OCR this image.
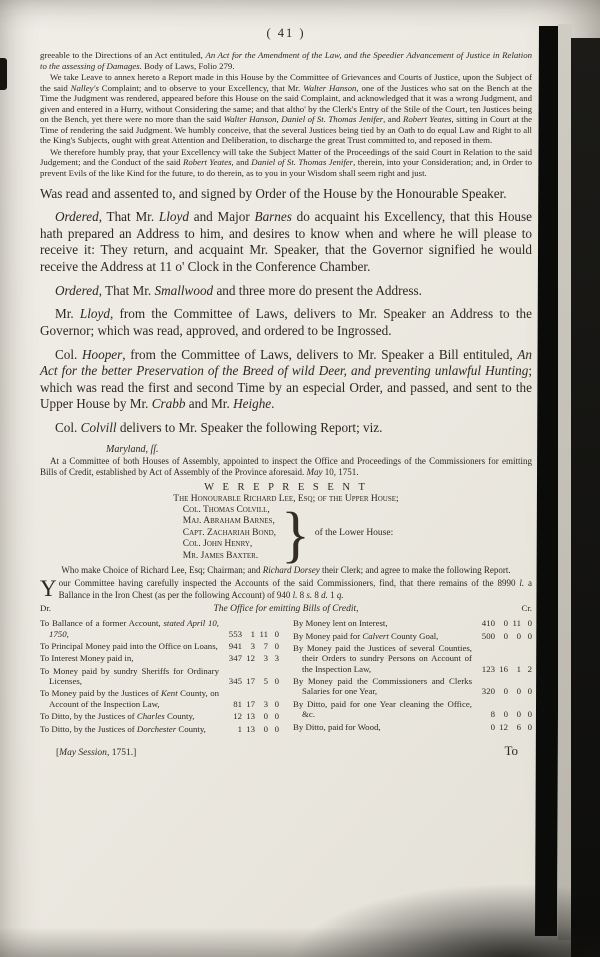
( 41 )

greeable to the Directions of an Act entituled, An Act for the Amendment of the Law, and the Speedier Advancement of Justice in Relation to the assessing of Damages. Body of Laws, Folio 279.

We take Leave to annex hereto a Report made in this House by the Committee of Grievances and Courts of Justice, upon the Subject of the said Nalley's Complaint; and to observe to your Excellency, that Mr. Walter Hanson, one of the Justices who sat on the Bench at the Time the Judgment was rendered, appeared before this House on the said Complaint, and acknowledged that it was a wrong Judgment, and given and entered in a Hurry, without Considering the same; and that altho' by the Clerk's Entry of the Stile of the Court, ten Justices being on the Bench, yet there were no more than the said Walter Hanson, Daniel of St. Thomas Jenifer, and Robert Yeates, sitting in Court at the Time of rendering the said Judgment. We humbly conceive, that the several Justices being tied by an Oath to do equal Law and Right to all the King's Subjects, ought with great Attention and Deliberation, to discharge the great Trust committed to, and reposed in them.

We therefore humbly pray, that your Excellency will take the Subject Matter of the Proceedings of the said Court in Relation to the said Judgement; and the Conduct of the said Robert Yeates, and Daniel of St. Thomas Jenifer, therein, into your Consideration; and, in Order to prevent Evils of the like Kind for the future, to do therein, as to you in your Wisdom shall seem right and just.

Was read and assented to, and signed by Order of the House by the Honourable Speaker.

Ordered, That Mr. Lloyd and Major Barnes do acquaint his Excellency, that this House hath prepared an Address to him, and desires to know when and where he will please to receive it: They return, and acquaint Mr. Speaker, that the Governor signified he would receive the Address at 11 o' Clock in the Conference Chamber.

Ordered, That Mr. Smallwood and three more do present the Address.

Mr. Lloyd, from the Committee of Laws, delivers to Mr. Speaker an Address to the Governor; which was read, approved, and ordered to be Ingrossed.

Col. Hooper, from the Committee of Laws, delivers to Mr. Speaker a Bill entituled, An Act for the better Preservation of the Breed of wild Deer, and preventing unlawful Hunting; which was read the first and second Time by an especial Order, and passed, and sent to the Upper House by Mr. Crabb and Mr. Heighe.

Col. Colvill delivers to Mr. Speaker the following Report; viz.

Maryland, ſſ.
At a Committee of both Houses of Assembly, appointed to inspect the Office and Proceedings of the Commissioners for emitting Bills of Credit, established by Act of Assembly of the Province aforesaid. May 10, 1751.
W E R E P R E S E N T
The Honourable Richard Lee, Esq; of the Upper House;
Col. Thomas Colvill,
Maj. Abraham Barnes,
Capt. Zachariah Bond,
Col. John Henry,
Mr. James Baxter. } of the Lower House:
Who make Choice of Richard Lee, Esq; Chairman; and Richard Dorsey their Clerk; and agree to make the following Report.
Your Committee having carefully inspected the Accounts of the said Commissioners, find, that there remains of the 8990 l. a Ballance in the Iron Chest (as per the following Account) of 940 l. 8 s. 8 d. 1 q.
Dr.	The Office for emitting Bills of Credit,	Cr.
To Ballance of a former Account, stated April 10, 1750,	553 1 11 0
To Principal Money paid into the Office on Loans,	941 3 7 0
To Interest Money paid in,	347 12 3 3
To Money paid by sundry Sheriffs for Ordinary Licenses,	345 17 5 0
To Money paid by the Justices of Kent County, on Account of the Inspection Law,	81 17 3 0
To Ditto, by the Justices of Charles County,	12 13 0 0
To Ditto, by the Justices of Dorchester County,	1 13 0 0
By Money lent on Interest,	410 0 11 0
By Money paid for Calvert County Goal,	500 0 0 0
By Money paid the Justices of several Counties, their Orders to sundry Persons on Account of the Inspection Law,	123 16 1 2
By Money paid the Commissioners and Clerks Salaries for one Year,	320 0 0 0
By Ditto, paid for one Year cleaning the Office, &c.	8 0 0 0
By Ditto, paid for Wood,	0 12 6 0
[May Session, 1751.]	To
